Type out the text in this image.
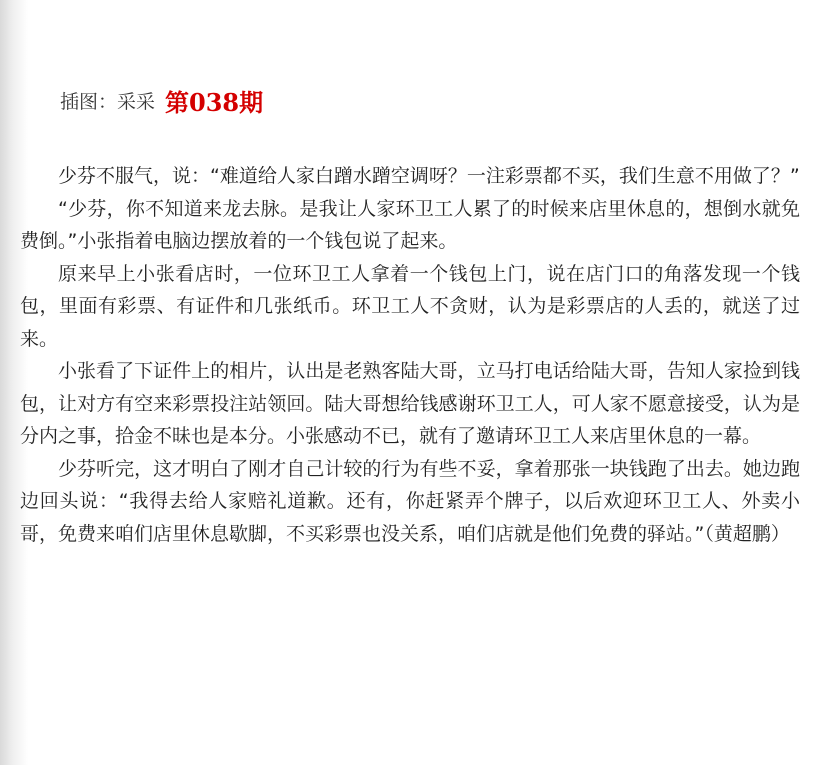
插图：采采 第038期

少芬不服气，说：“难道给人家白蹭水蹭空调呀？一注彩票都不买，我们生意不用做了？”

“少芬，你不知道来龙去脉。是我让人家环卫工人累了的时候来店里休息的，想倒水就免费倒。”小张指着电脑边摆放着的一个钱包说了起来。

原来早上小张看店时，一位环卫工人拿着一个钱包上门，说在店门口的角落发现一个钱包，里面有彩票、有证件和几张纸币。环卫工人不贪财，认为是彩票店的人丢的，就送了过来。

小张看了下证件上的相片，认出是老熟客陆大哥，立马打电话给陆大哥，告知人家捡到钱包，让对方有空来彩票投注站领回。陆大哥想给钱感谢环卫工人，可人家不愿意接受，认为是分内之事，拾金不昧也是本分。小张感动不已，就有了邀请环卫工人来店里休息的一幕。

少芬听完，这才明白了刚才自己计较的行为有些不妥，拿着那张一块钱跑了出去。她边跑边回头说：“我得去给人家赔礼道歉。还有，你赶紧弄个牌子，以后欢迎环卫工人、外卖小哥，免费来咱们店里休息歇脚，不买彩票也没关系，咱们店就是他们免费的驿站。”（黄超鹏）
